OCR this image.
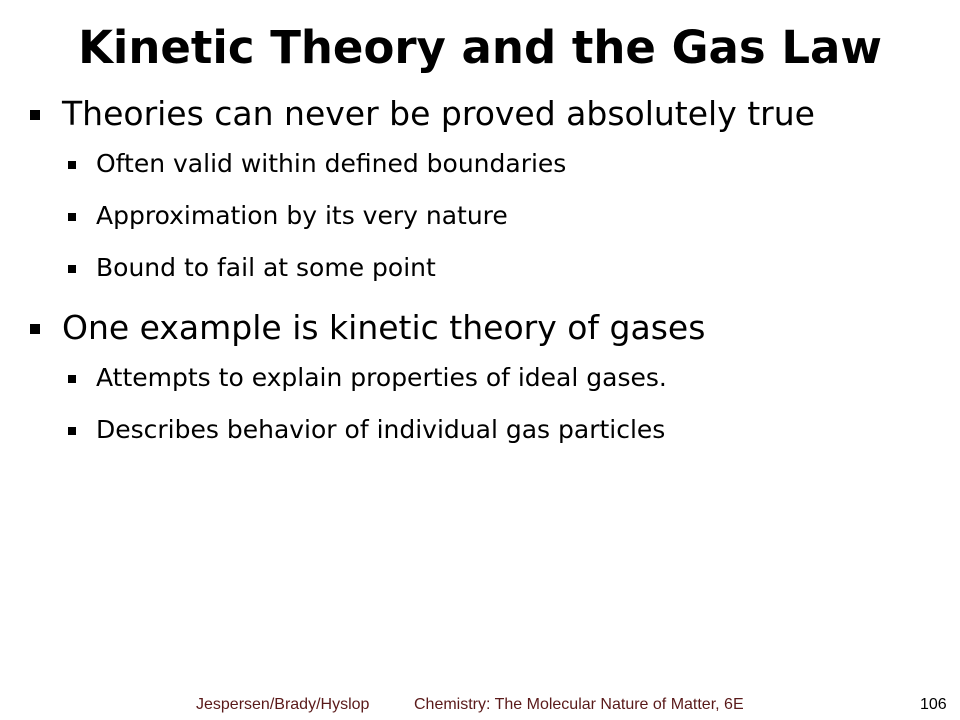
Kinetic Theory and the Gas Law
Theories can never be proved absolutely true
Often valid within defined boundaries
Approximation by its very nature
Bound to fail at some point
One example is kinetic theory of gases
Attempts to explain properties of ideal gases.
Describes behavior of individual gas particles
Jespersen/Brady/Hyslop	Chemistry: The Molecular Nature of Matter, 6E	106
